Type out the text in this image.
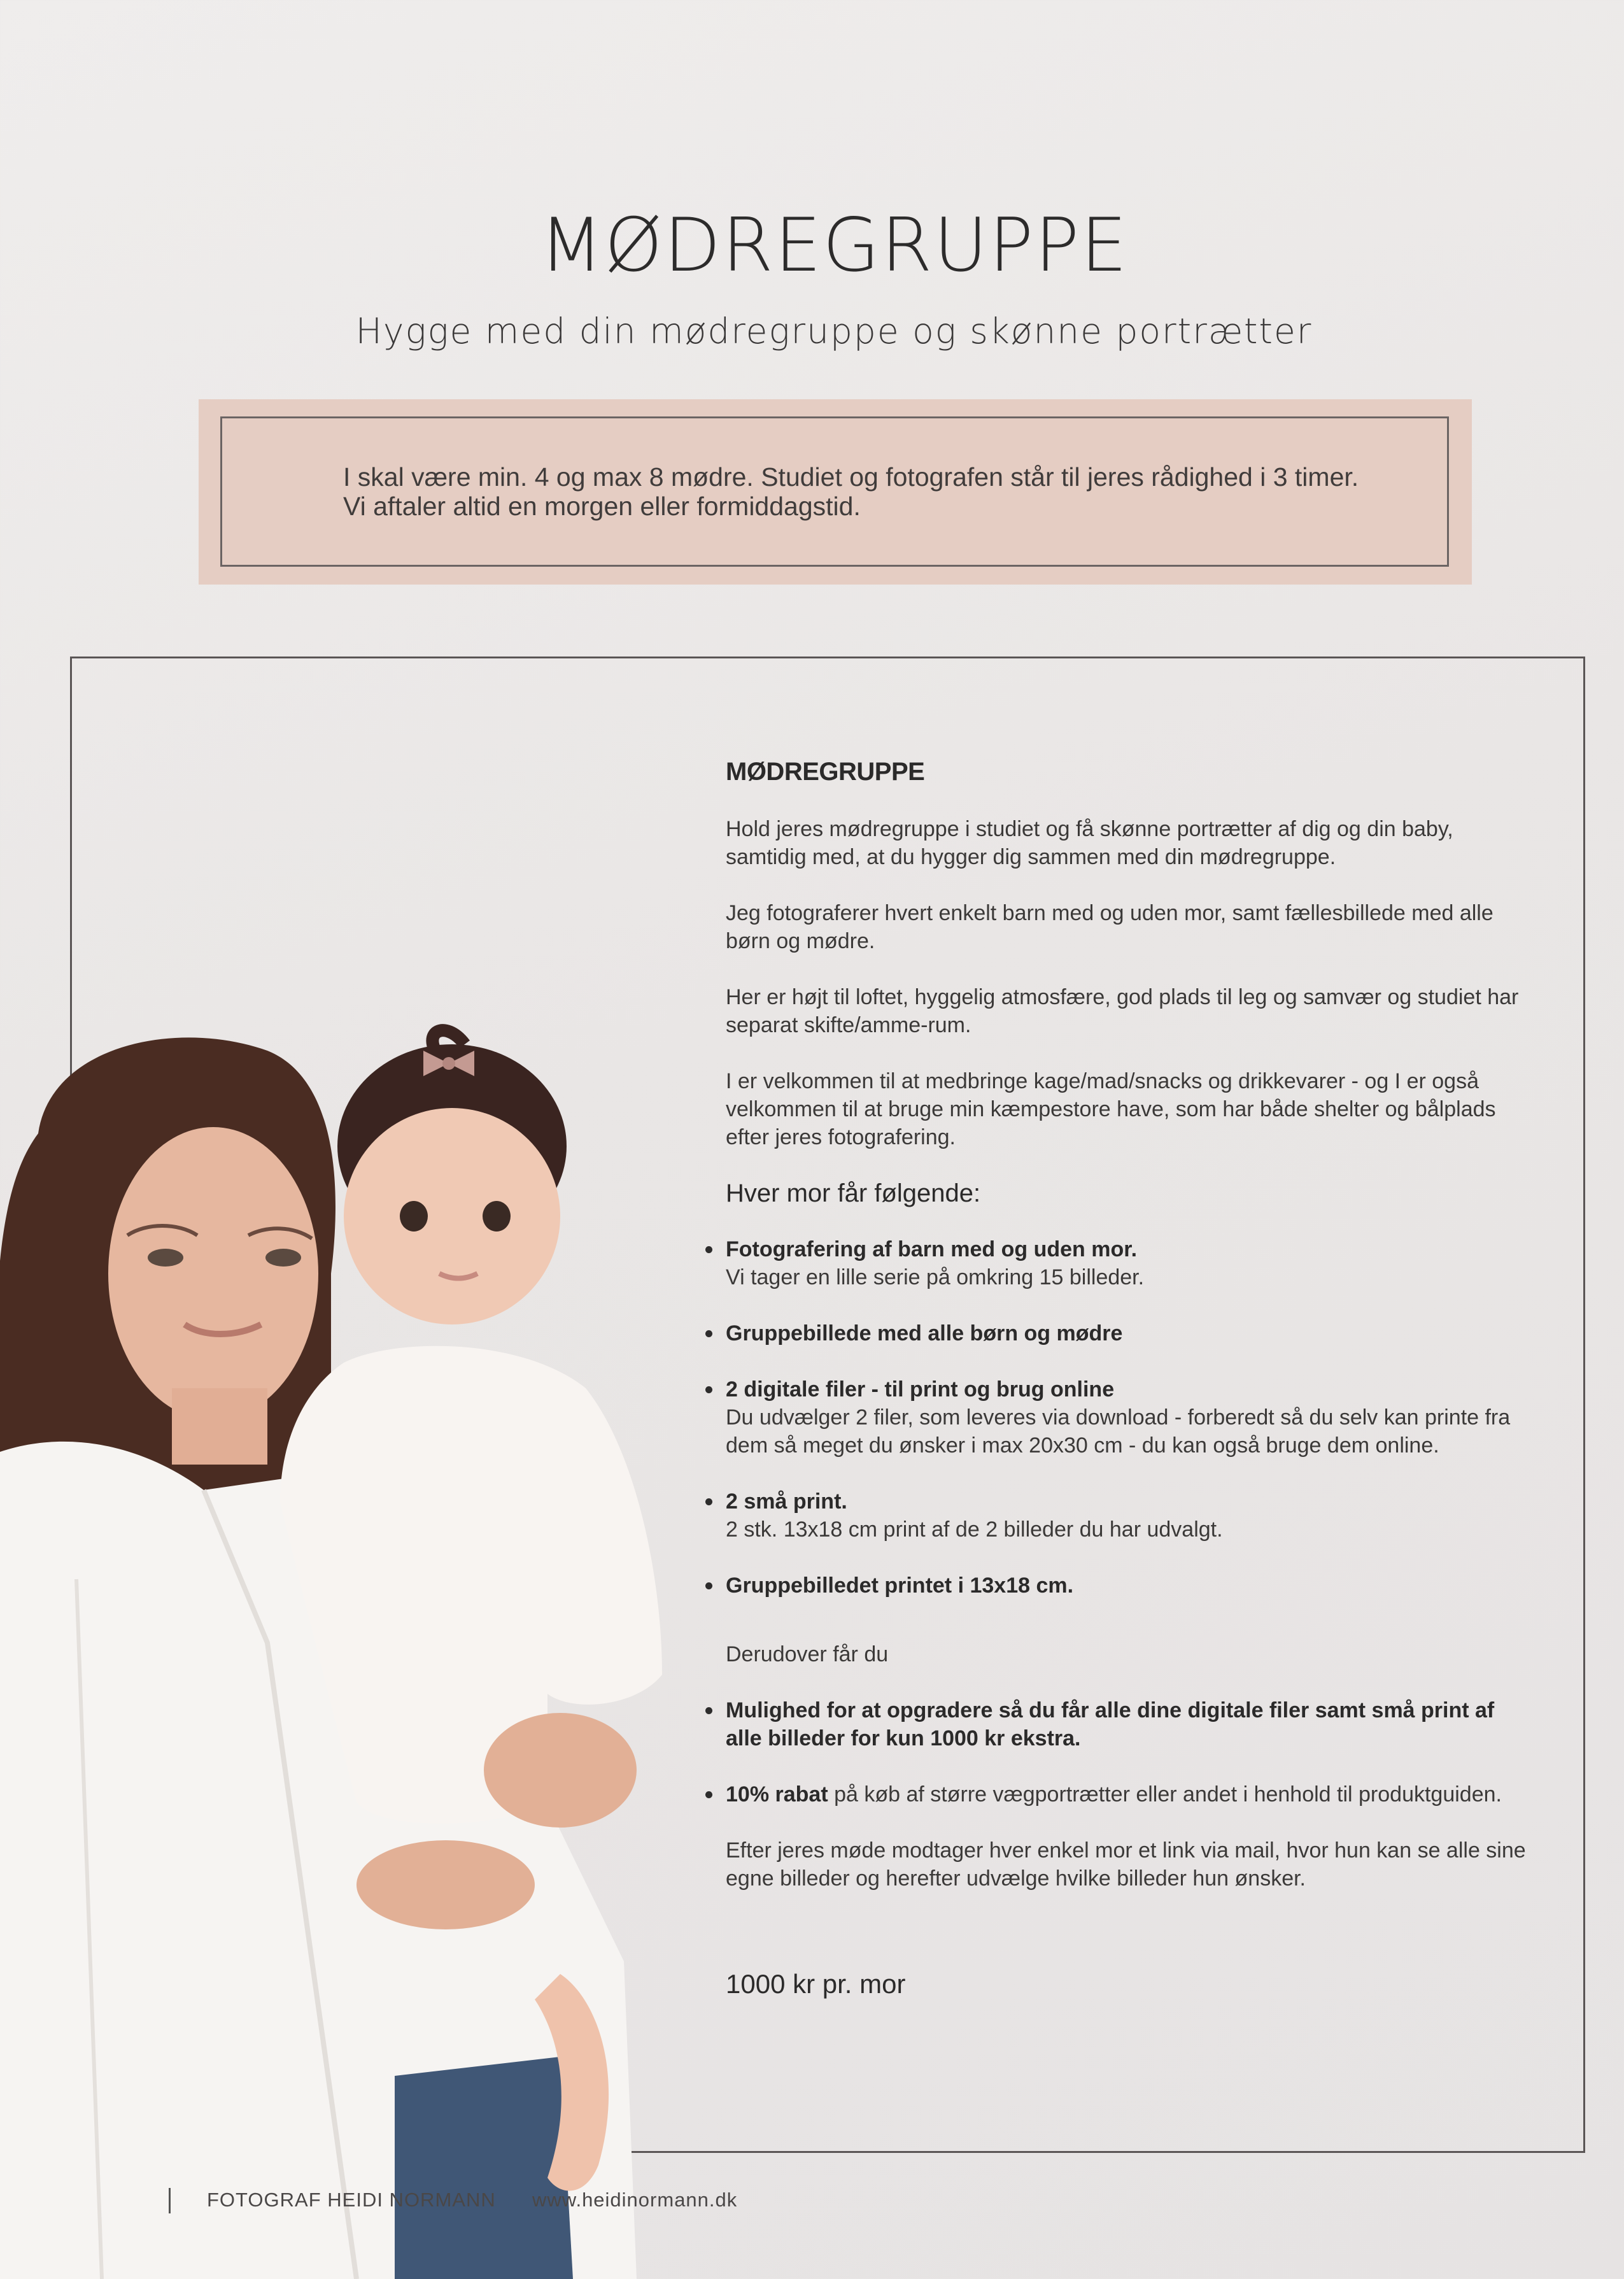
MØDREGRUPPE

Hygge med din mødregruppe og skønne portrætter

I skal være min. 4 og max 8 mødre. Studiet og fotografen står til jeres rådighed i 3 timer.

Vi aftaler altid en morgen eller formiddagstid.

MØDREGRUPPE

Hold jeres mødregruppe i studiet og få skønne portrætter af dig og din baby, samtidig med, at du hygger dig sammen med din mødregruppe.

Jeg fotograferer hvert enkelt barn med og uden mor, samt fællesbillede med alle børn og mødre.

Her er højt til loftet, hyggelig atmosfære, god plads til leg og samvær og studiet har separat skifte/amme-rum.

I er velkommen til at medbringe kage/mad/snacks og drikkevarer - og I er også velkommen til at bruge min kæmpestore have, som har både shelter og bålplads efter jeres fotografering.

Hver mor får følgende:

Fotografering af barn med og uden mor.
Vi tager en lille serie på omkring 15 billeder.
Gruppebillede med alle børn og mødre
2 digitale filer - til print og brug online
Du udvælger 2 filer, som leveres via download - forberedt så du selv kan printe fra dem så meget du ønsker i max 20x30 cm - du kan også bruge dem online.
2 små print.
2 stk. 13x18 cm print af de 2 billeder du har udvalgt.
Gruppebilledet printet i 13x18 cm.

Derudover får du

Mulighed for at opgradere så du får alle dine digitale filer samt små print af alle billeder for kun 1000 kr ekstra.
10% rabat på køb af større vægportrætter eller andet i henhold til produktguiden.

Efter jeres møde modtager hver enkel mor et link via mail, hvor hun kan se alle sine egne billeder og herefter udvælge hvilke billeder hun ønsker.

1000 kr pr. mor

FOTOGRAF HEIDI NORMANN www.heidinormann.dk
